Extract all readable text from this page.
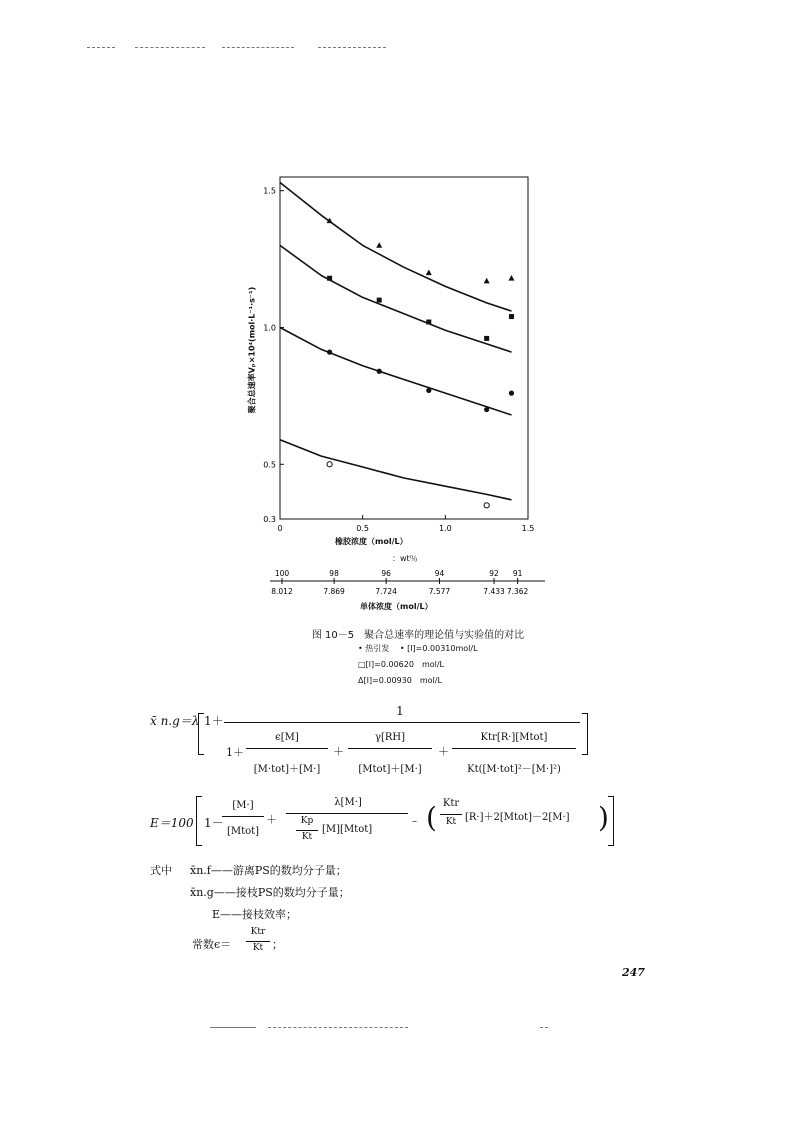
0	0.5	1.0	1.5
0.3
0.5
1.0
1.5
100
8.012
98
7.869
96
7.724
94
7.577
92
7.433
91
7.362
橡胶浓度（mol/L）
：wt％
单体浓度（mol/L）
聚合总速率Vₚ×10⁴(mol·L⁻¹·s⁻¹)
图 10－5　聚合总速率的理论值与实验值的对比
• 热引发 • [I]=0.00310mol/L
□[I]=0.00620　mol/L
Δ[I]=0.00930　mol/L
x̄ n.g＝λ 1＋
1
1＋
ϵ[M]
[M·tot]＋[M·]
＋
γ[RH]
[Mtot]＋[M·]
＋
Ktr[R·][Mtot]
Kt([M·tot]²－[M·]²)
E＝100 1－
[M·]
[Mtot]
＋
λ[M·]
Kp
Kt
[M][Mtot]
– ( Ktr
Kt [R·]＋2[Mtot]－2[M·] )
式中 x̄n.f——游离PS的数均分子量；
x̄n.g——接枝PS的数均分子量；
E——接枝效率；
常数ϵ＝
Ktr
Kt ；
247
